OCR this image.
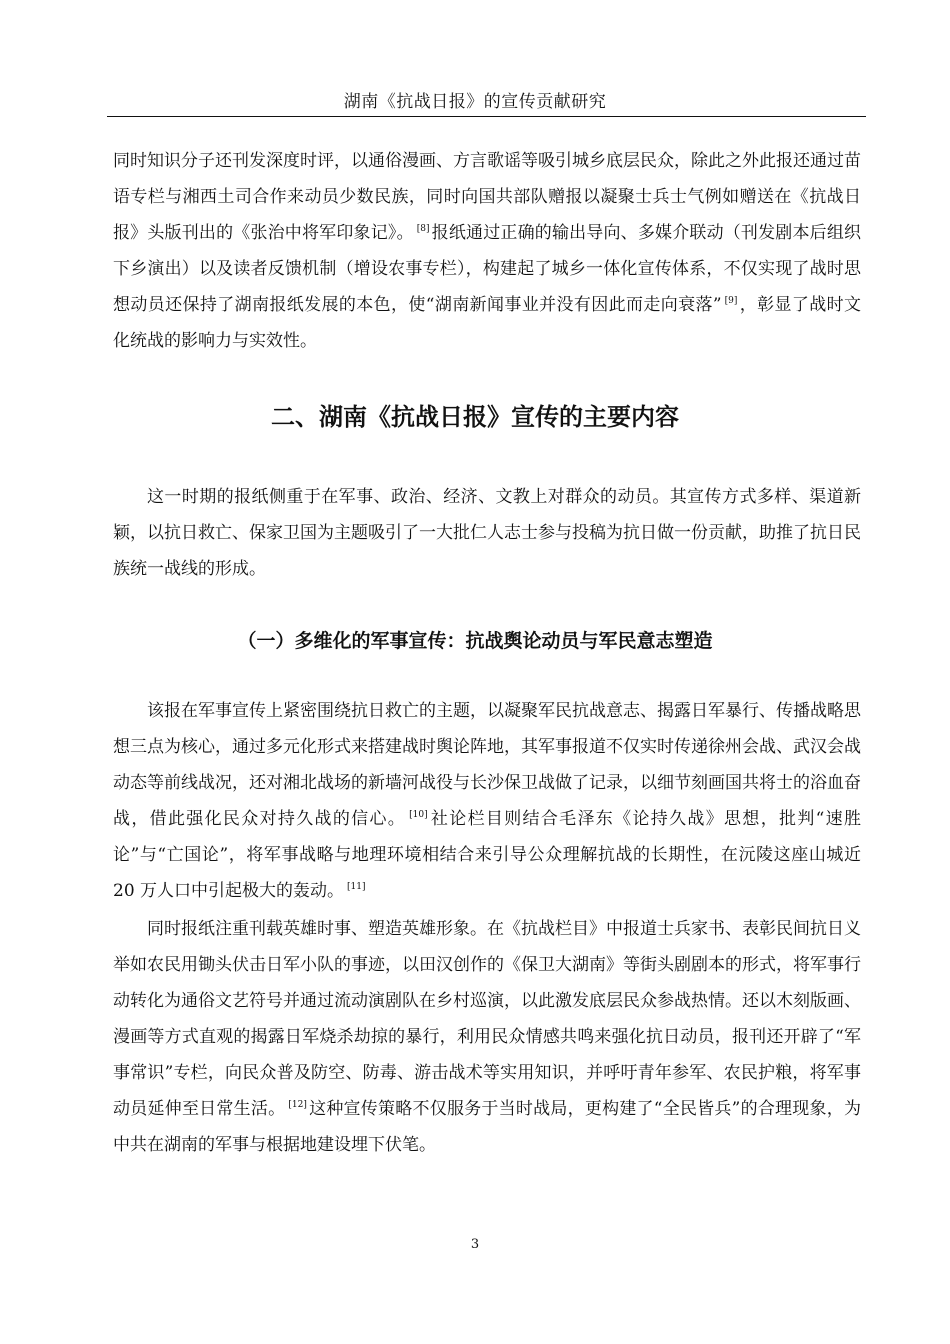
湖南《抗战日报》的宣传贡献研究

同时知识分子还刊发深度时评，以通俗漫画、方言歌谣等吸引城乡底层民众，除此之外此报还通过苗语专栏与湘西土司合作来动员少数民族，同时向国共部队赠报以凝聚士兵士气例如赠送在《抗战日报》头版刊出的《张治中将军印象记》。 [8] 报纸通过正确的输出导向、多媒介联动（刊发剧本后组织下乡演出）以及读者反馈机制（增设农事专栏），构建起了城乡一体化宣传体系，不仅实现了战时思想动员还保持了湖南报纸发展的本色，使“湖南新闻事业并没有因此而走向衰落” [9] ，彰显了战时文化统战的影响力与实效性。

二、湖南《抗战日报》宣传的主要内容

这一时期的报纸侧重于在军事、政治、经济、文教上对群众的动员。其宣传方式多样、渠道新颖，以抗日救亡、保家卫国为主题吸引了一大批仁人志士参与投稿为抗日做一份贡献，助推了抗日民族统一战线的形成。

（一）多维化的军事宣传：抗战舆论动员与军民意志塑造

该报在军事宣传上紧密围绕抗日救亡的主题，以凝聚军民抗战意志、揭露日军暴行、传播战略思想三点为核心，通过多元化形式来搭建战时舆论阵地，其军事报道不仅实时传递徐州会战、武汉会战动态等前线战况，还对湘北战场的新墙河战役与长沙保卫战做了记录，以细节刻画国共将士的浴血奋战，借此强化民众对持久战的信心。 [10] 社论栏目则结合毛泽东《论持久战》思想，批判“速胜论”与“亡国论”，将军事战略与地理环境相结合来引导公众理解抗战的长期性，在沅陵这座山城近 20 万人口中引起极大的轰动。 [11]

同时报纸注重刊载英雄时事、塑造英雄形象。在《抗战栏目》中报道士兵家书、表彰民间抗日义举如农民用锄头伏击日军小队的事迹，以田汉创作的《保卫大湖南》等街头剧剧本的形式，将军事行动转化为通俗文艺符号并通过流动演剧队在乡村巡演，以此激发底层民众参战热情。还以木刻版画、漫画等方式直观的揭露日军烧杀劫掠的暴行，利用民众情感共鸣来强化抗日动员，报刊还开辟了“军事常识”专栏，向民众普及防空、防毒、游击战术等实用知识，并呼吁青年参军、农民护粮，将军事动员延伸至日常生活。 [12] 这种宣传策略不仅服务于当时战局，更构建了“全民皆兵”的合理现象，为中共在湖南的军事与根据地建设埋下伏笔。

3
